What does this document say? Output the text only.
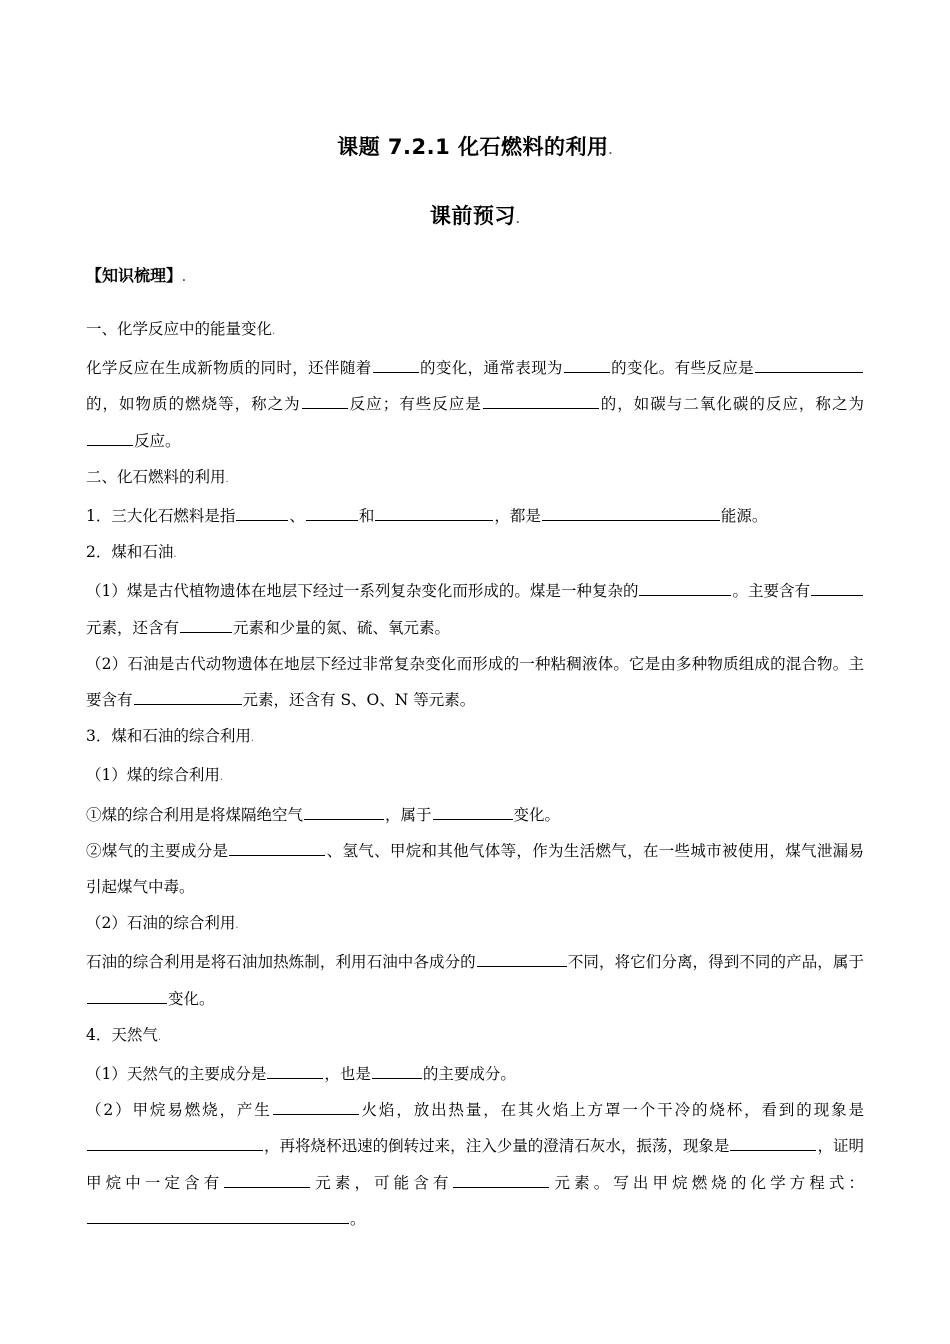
课题 7.2.1 化石燃料的利用.
课前预习.
【知识梳理】.

一、化学反应中的能量变化.

化学反应在生成新物质的同时，还伴随着	的变化，通常表现为	的变化。有些反应是的，如物质的燃烧等，称之为	反应；有些反应是	的，如碳与二氧化碳的反应，称之为反应。

二、化石燃料的利用.

1．三大化石燃料是指	、	和	，都是	能源。

2．煤和石油.

（1）煤是古代植物遗体在地层下经过一系列复杂变化而形成的。煤是一种复杂的	。主要含有元素，还含有	元素和少量的氮、硫、氧元素。

（2）石油是古代动物遗体在地层下经过非常复杂变化而形成的一种粘稠液体。它是由多种物质组成的混合物。主要含有	元素，还含有 S、O、N 等元素。

3．煤和石油的综合利用.

（1）煤的综合利用.

①煤的综合利用是将煤隔绝空气	，属于	变化。

②煤气的主要成分是	、氢气、甲烷和其他气体等，作为生活燃气，在一些城市被使用，煤气泄漏易引起煤气中毒。

（2）石油的综合利用.

石油的综合利用是将石油加热炼制，利用石油中各成分的	不同，将它们分离，得到不同的产品，属于变化。

4．天然气.

（1）天然气的主要成分是	，也是	的主要成分。

（2）甲烷易燃烧，产生	火焰，放出热量，在其火焰上方罩一个干冷的烧杯，看到的现象是，再将烧杯迅速的倒转过来，注入少量的澄清石灰水，振荡，现象是	，证明甲烷中一定含有	元素，可能含有	元素。写出甲烷燃烧的化学方程式：。
